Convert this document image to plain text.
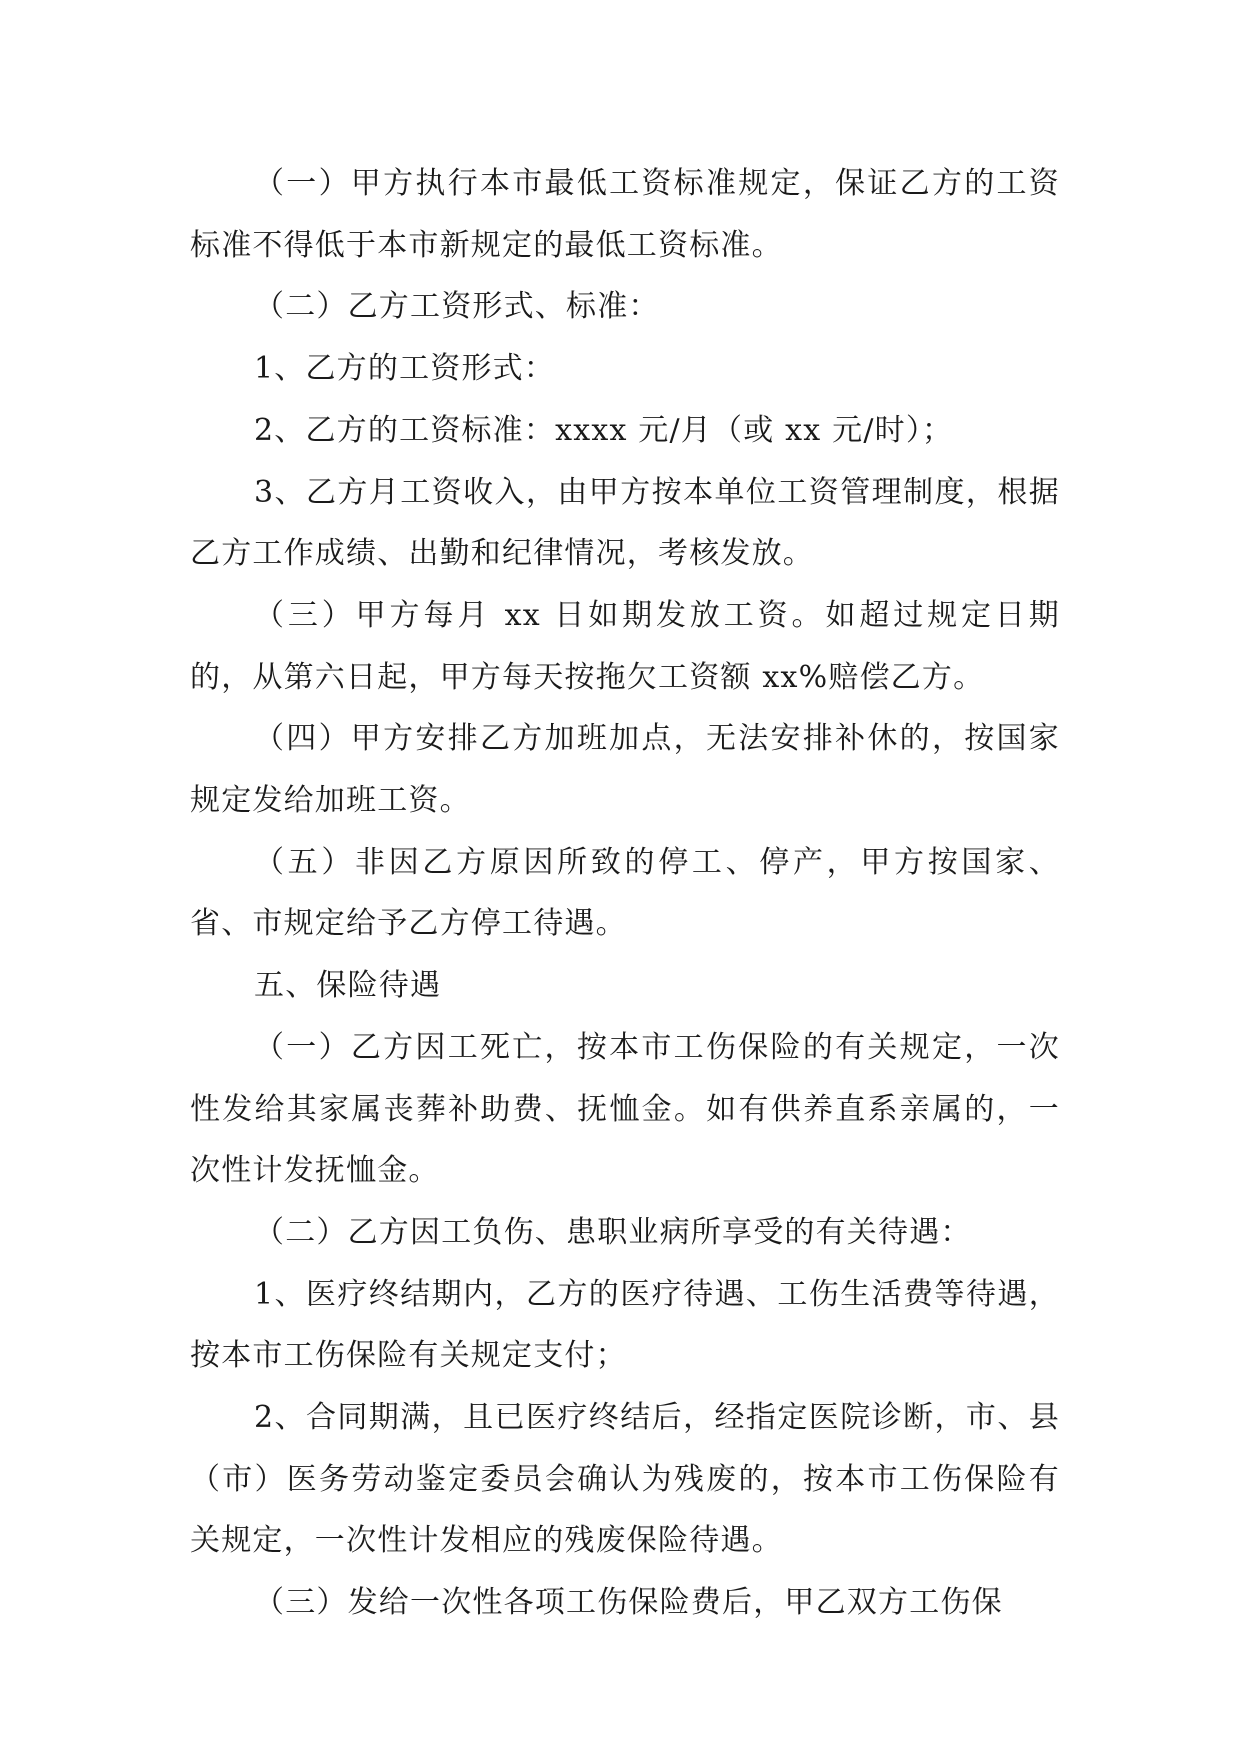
（一）甲方执行本市最低工资标准规定，保证乙方的工资标准不得低于本市新规定的最低工资标准。

（二）乙方工资形式、标准：

1、乙方的工资形式：

2、乙方的工资标准：xxxx 元/月（或 xx 元/时）；

3、乙方月工资收入，由甲方按本单位工资管理制度，根据乙方工作成绩、出勤和纪律情况，考核发放。

（三）甲方每月 xx 日如期发放工资。如超过规定日期的，从第六日起，甲方每天按拖欠工资额 xx%赔偿乙方。

（四）甲方安排乙方加班加点，无法安排补休的，按国家规定发给加班工资。

（五）非因乙方原因所致的停工、停产，甲方按国家、省、市规定给予乙方停工待遇。

五、保险待遇

（一）乙方因工死亡，按本市工伤保险的有关规定，一次性发给其家属丧葬补助费、抚恤金。如有供养直系亲属的，一次性计发抚恤金。

（二）乙方因工负伤、患职业病所享受的有关待遇：

1、医疗终结期内，乙方的医疗待遇、工伤生活费等待遇，按本市工伤保险有关规定支付；

2、合同期满，且已医疗终结后，经指定医院诊断，市、县（市）医务劳动鉴定委员会确认为残废的，按本市工伤保险有关规定，一次性计发相应的残废保险待遇。

（三）发给一次性各项工伤保险费后，甲乙双方工伤保
